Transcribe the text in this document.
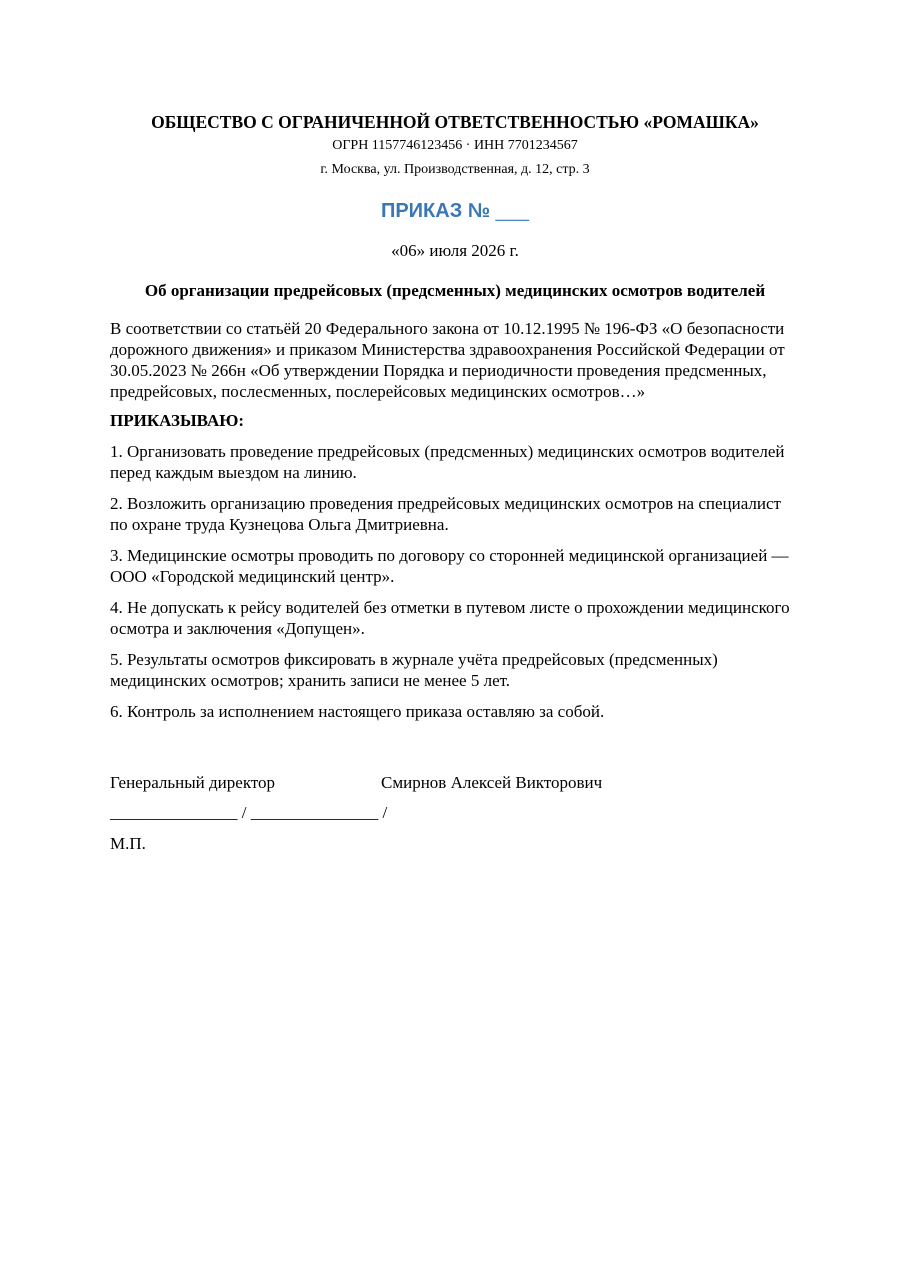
ОБЩЕСТВО С ОГРАНИЧЕННОЙ ОТВЕТСТВЕННОСТЬЮ «РОМАШКА»
ОГРН 1157746123456 · ИНН 7701234567
г. Москва, ул. Производственная, д. 12, стр. 3
ПРИКАЗ № ___
«06» июля 2026 г.
Об организации предрейсовых (предсменных) медицинских осмотров водителей

В соответствии со статьёй 20 Федерального закона от 10.12.1995 № 196-ФЗ «О безопасности дорожного движения» и приказом Министерства здравоохранения Российской Федерации от 30.05.2023 № 266н «Об утверждении Порядка и периодичности проведения предсменных, предрейсовых, послесменных, послерейсовых медицинских осмотров…»

ПРИКАЗЫВАЮ:

1. Организовать проведение предрейсовых (предсменных) медицинских осмотров водителей перед каждым выездом на линию.

2. Возложить организацию проведения предрейсовых медицинских осмотров на специалист по охране труда Кузнецова Ольга Дмитриевна.

3. Медицинские осмотры проводить по договору со сторонней медицинской организацией — ООО «Городской медицинский центр».

4. Не допускать к рейсу водителей без отметки в путевом листе о прохождении медицинского осмотра и заключения «Допущен».

5. Результаты осмотров фиксировать в журнале учёта предрейсовых (предсменных) медицинских осмотров; хранить записи не менее 5 лет.

6. Контроль за исполнением настоящего приказа оставляю за собой.

Генеральный директор	Смирнов Алексей Викторович
_______________ / _______________ /
М.П.
